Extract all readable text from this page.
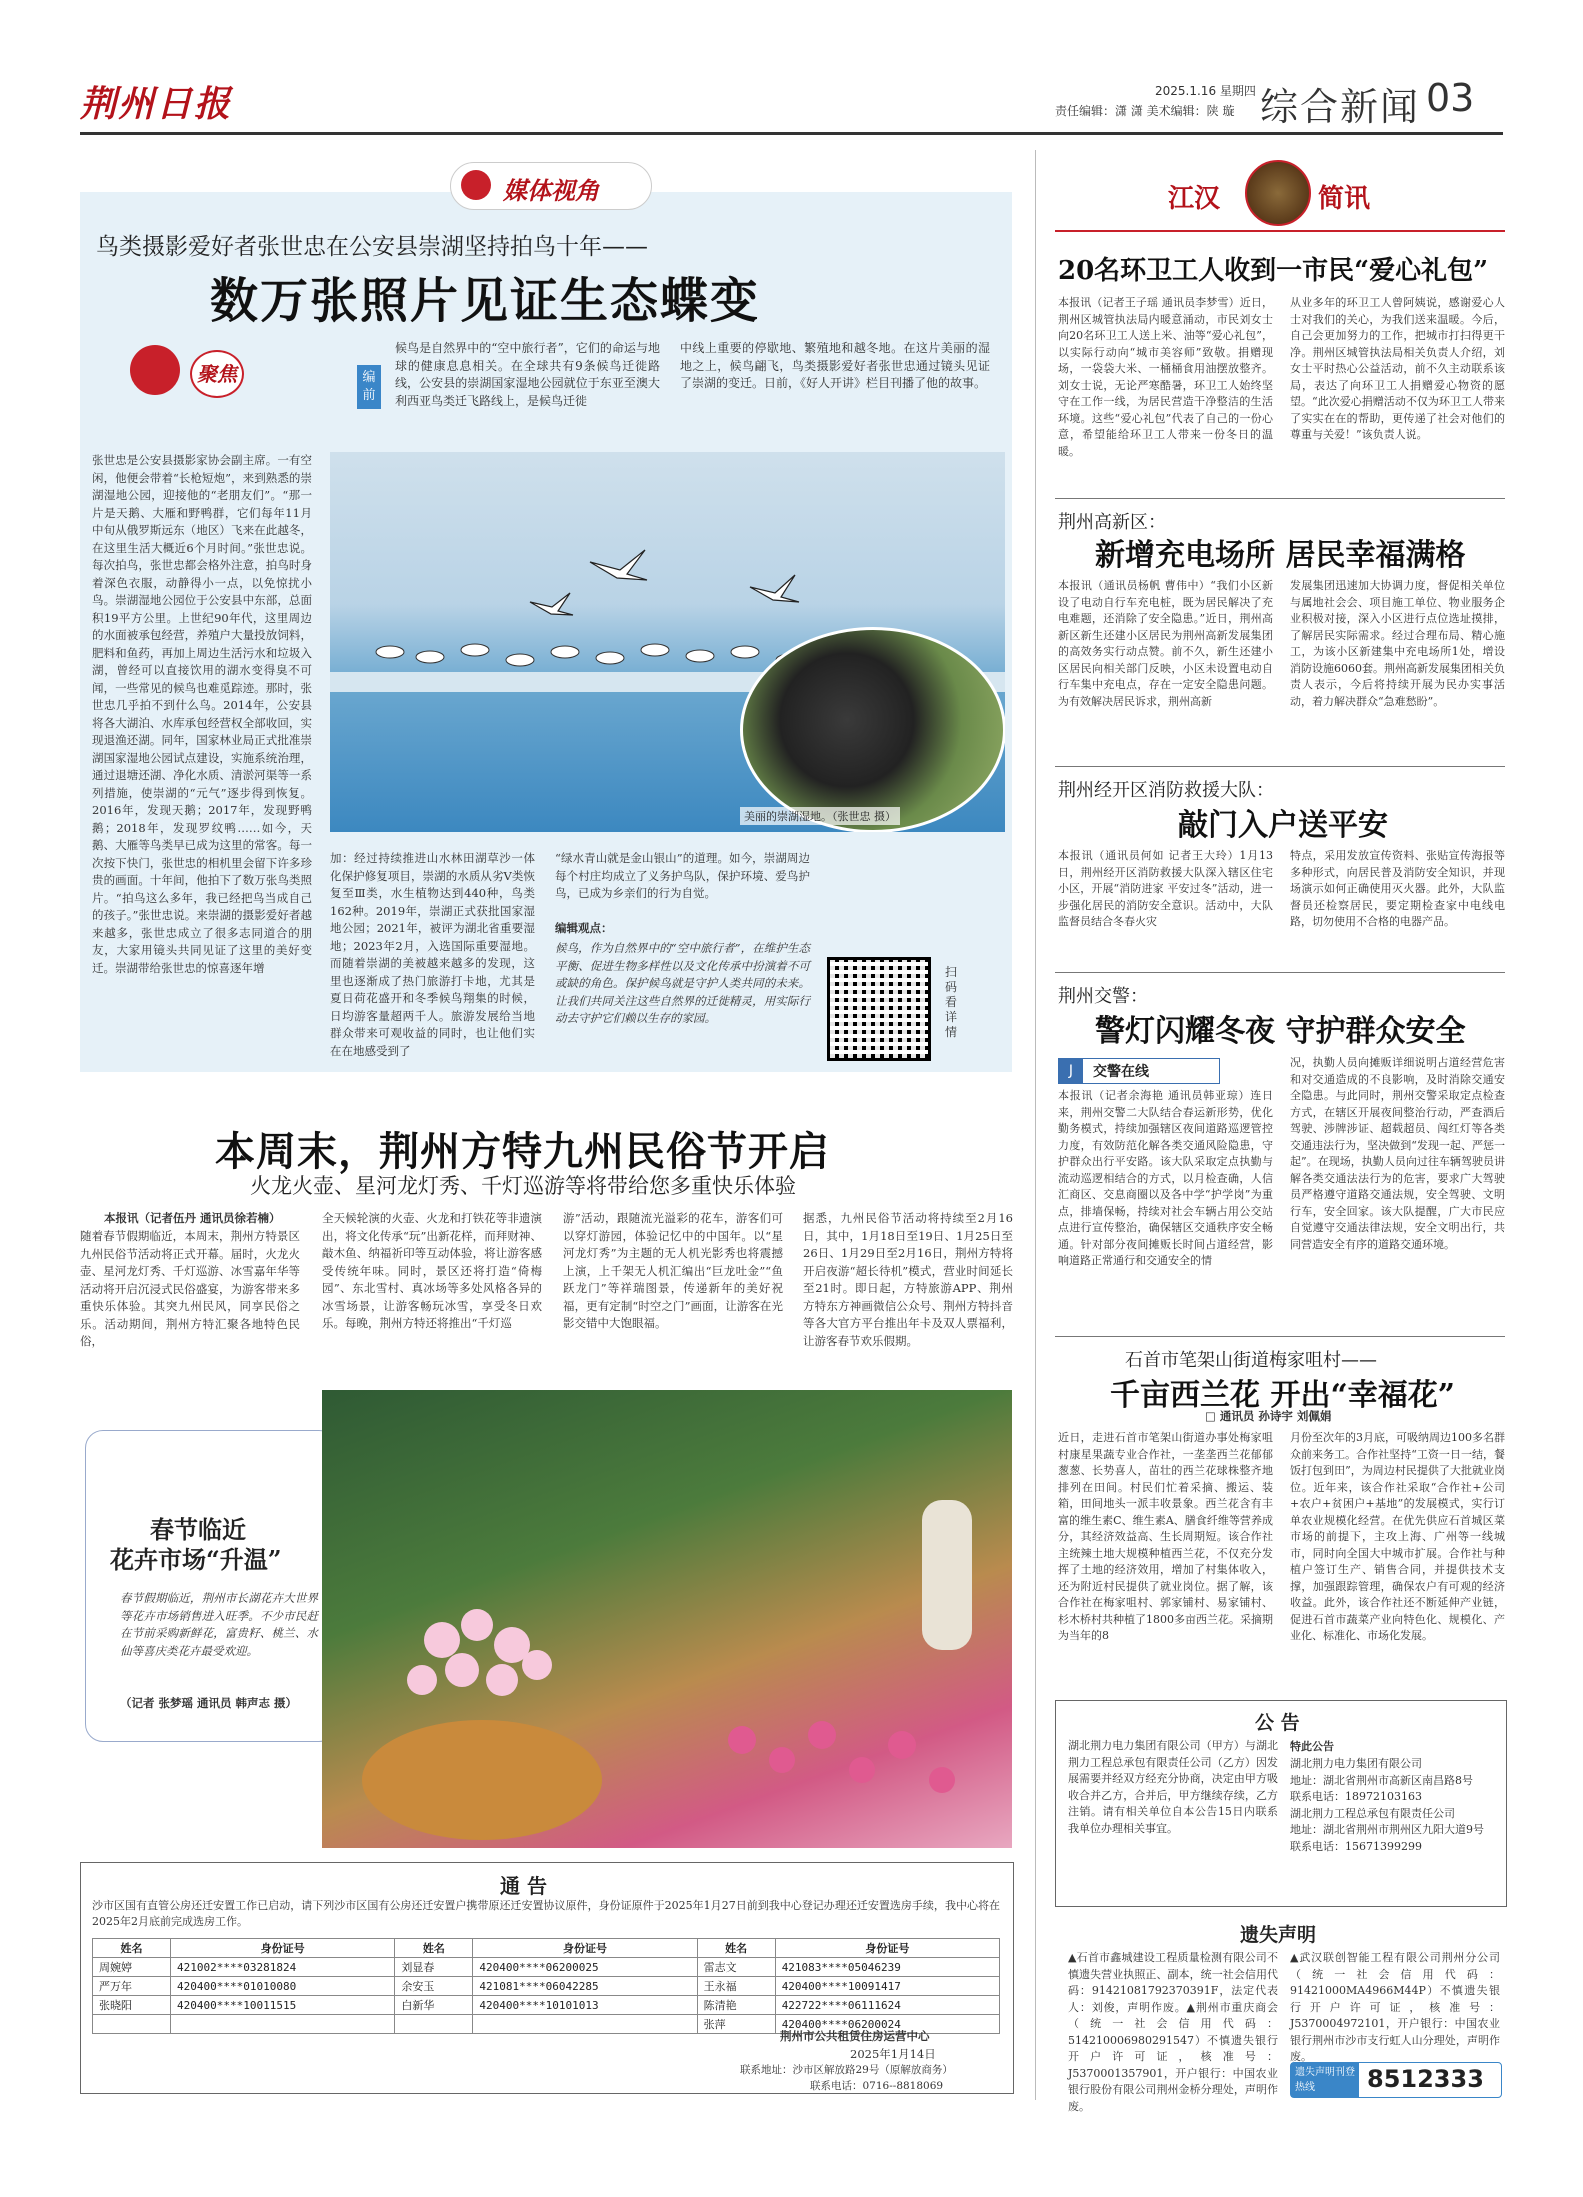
荆州日报	2025.1.16 星期四
责任编辑：潇 潇 美术编辑：陕 璇 综合新闻 03
媒体视角
鸟类摄影爱好者张世忠在公安县崇湖坚持拍鸟十年——
数万张照片见证生态蝶变
聚焦	编前
候鸟是自然界中的“空中旅行者”，它们的命运与地球的健康息息相关。在全球共有9条候鸟迁徙路线，公安县的崇湖国家湿地公园就位于东亚至澳大利西亚鸟类迁飞路线上，是候鸟迁徙
中线上重要的停歇地、繁殖地和越冬地。在这片美丽的湿地之上，候鸟翩飞，鸟类摄影爱好者张世忠通过镜头见证了崇湖的变迁。日前，《好人开讲》栏目刊播了他的故事。
美丽的崇湖湿地。（张世忠 摄）
张世忠是公安县摄影家协会副主席。一有空闲，他便会带着“长枪短炮”，来到熟悉的崇湖湿地公园，迎接他的“老朋友们”。“那一片是天鹅、大雁和野鸭群，它们每年11月中旬从俄罗斯远东（地区）飞来在此越冬，在这里生活大概近6个月时间。”张世忠说。每次拍鸟，张世忠都会格外注意，拍鸟时身着深色衣服，动静得小一点，以免惊扰小鸟。崇湖湿地公园位于公安县中东部，总面积19平方公里。上世纪90年代，这里周边的水面被承包经营，养殖户大量投放饲料，肥料和鱼药，再加上周边生活污水和垃圾入湖，曾经可以直接饮用的湖水变得臭不可闻，一些常见的候鸟也难觅踪迹。那时，张世忠几乎拍不到什么鸟。2014年，公安县将各大湖泊、水库承包经营权全部收回，实现退渔还湖。同年，国家林业局正式批准崇湖国家湿地公园试点建设，实施系统治理，通过退塘还湖、净化水质、清淤河渠等一系列措施，使崇湖的“元气”逐步得到恢复。2016年，发现天鹅；2017年，发现野鸭鹅；2018年，发现罗纹鸭……如今，天鹅、大雁等鸟类早已成为这里的常客。每一次按下快门，张世忠的相机里会留下许多珍贵的画面。十年间，他拍下了数万张鸟类照片。“拍鸟这么多年，我已经把鸟当成自己的孩子。”张世忠说。来崇湖的摄影爱好者越来越多，张世忠成立了很多志同道合的朋友，大家用镜头共同见证了这里的美好变迁。崇湖带给张世忠的惊喜逐年增
加：经过持续推进山水林田湖草沙一体化保护修复项目，崇湖的水质从劣V类恢复至Ⅲ类，水生植物达到440种，鸟类162种。2019年，崇湖正式获批国家湿地公园；2021年，被评为湖北省重要湿地；2023年2月，入选国际重要湿地。而随着崇湖的美被越来越多的发现，这里也逐渐成了热门旅游打卡地，尤其是夏日荷花盛开和冬季候鸟翔集的时候，日均游客量超两千人。旅游发展给当地群众带来可观收益的同时，也让他们实在在地感受到了
“绿水青山就是金山银山”的道理。如今，崇湖周边每个村庄均成立了义务护鸟队，保护环境、爱鸟护鸟，已成为乡亲们的行为自觉。
编辑观点：
候鸟，作为自然界中的“空中旅行者”，在维护生态平衡、促进生物多样性以及文化传承中扮演着不可或缺的角色。保护候鸟就是守护人类共同的未来。让我们共同关注这些自然界的迁徙精灵，用实际行动去守护它们赖以生存的家园。
扫码看详情
本周末，荆州方特九州民俗节开启
火龙火壶、星河龙灯秀、千灯巡游等将带给您多重快乐体验
本报讯（记者伍丹 通讯员徐若楠）
随着春节假期临近，本周末，荆州方特景区九州民俗节活动将正式开幕。届时，火龙火壶、星河龙灯秀、千灯巡游、冰雪嘉年华等活动将开启沉浸式民俗盛宴，为游客带来多重快乐体验。其突九州民风，同享民俗之乐。活动期间，荆州方特汇聚各地特色民俗，
全天候轮演的火壶、火龙和打铁花等非遗演出，将文化传承“玩”出新花样，而拜财神、敲木鱼、纳福祈印等互动体验，将让游客感受传统年味。同时，景区还将打造“倚梅园”、东北雪村、真冰场等多处风格各异的冰雪场景，让游客畅玩冰雪，享受冬日欢乐。每晚，荆州方特还将推出“千灯巡
游”活动，跟随流光溢彩的花车，游客们可以穿灯游园，体验记忆中的中国年。以“星河龙灯秀”为主题的无人机光影秀也将震撼上演，上千架无人机汇编出“巨龙吐金”“鱼跃龙门”等祥瑞图景，传递新年的美好祝福，更有定制“时空之门”画面，让游客在光影交错中大饱眼福。
据悉，九州民俗节活动将持续至2月16日，其中，1月18日至19日、1月25日至26日、1月29日至2月16日，荆州方特将开启夜游“超长待机”模式，营业时间延长至21时。即日起，方特旅游APP、荆州方特东方神画微信公众号、荆州方特抖音等各大官方平台推出年卡及双人票福利，让游客春节欢乐假期。
春节临近
花卉市场“升温”
春节假期临近，荆州市长湖花卉大世界等花卉市场销售进入旺季。不少市民赶在节前采购新鲜花，富贵籽、桃兰、水仙等喜庆类花卉最受欢迎。
（记者 张梦瑶 通讯员 韩声志 摄）
通 告
沙市区国有直管公房还迁安置工作已启动，请下列沙市区国有公房还迁安置户携带原还迁安置协议原件，身份证原件于2025年1月27日前到我中心登记办理还迁安置选房手续，我中心将在2025年2月底前完成选房工作。
姓名	身份证号	姓名	身份证号	姓名	身份证号
周婉婷	421002****03281824	刘显春	420400****06200025	雷志文	421083****05046239
严万年	420400****01010080	余安玉	421081****06042285	王永福	420400****10091417
张晓阳	420400****10011515	白新华	420400****10101013	陈清艳	422722****06111624
				张萍	420400****06200024
荆州市公共租赁住房运营中心
2025年1月14日
联系地址：沙市区解放路29号（原解放商务）
联系电话：0716--8818069
江汉	简讯
20名环卫工人收到一市民“爱心礼包”
本报讯（记者王子瑶 通讯员李梦雪）近日，荆州区城管执法局内暖意涌动，市民刘女士向20名环卫工人送上米、油等“爱心礼包”，以实际行动向“城市美容师”致敬。捐赠现场，一袋袋大米、一桶桶食用油摆放整齐。刘女士说，无论严寒酷暑，环卫工人始终坚守在工作一线，为居民营造干净整洁的生活环境。这些“爱心礼包”代表了自己的一份心意，希望能给环卫工人带来一份冬日的温暖。
从业多年的环卫工人曾阿姨说，感谢爱心人士对我们的关心，为我们送来温暖。今后，自己会更加努力的工作，把城市打扫得更干净。荆州区城管执法局相关负责人介绍，刘女士平时热心公益活动，前不久主动联系该局，表达了向环卫工人捐赠爱心物资的愿望。“此次爱心捐赠活动不仅为环卫工人带来了实实在在的帮助，更传递了社会对他们的尊重与关爱！”该负责人说。
荆州高新区：
新增充电场所 居民幸福满格
本报讯（通讯员杨帆 曹伟中）“我们小区新设了电动自行车充电桩，既为居民解决了充电难题，还消除了安全隐患。”近日，荆州高新区新生还建小区居民为荆州高新发展集团的高效务实行动点赞。前不久，新生还建小区居民向相关部门反映，小区未设置电动自行车集中充电点，存在一定安全隐患问题。为有效解决居民诉求，荆州高新
发展集团迅速加大协调力度，督促相关单位与属地社会会、项目施工单位、物业服务企业积极对接，深入小区进行点位选址摸排，了解居民实际需求。经过合理布局、精心施工，为该小区新建集中充电场所1处，增设消防设施6060套。荆州高新发展集团相关负责人表示，今后将持续开展为民办实事活动，着力解决群众“急难愁盼”。
荆州经开区消防救援大队：
敲门入户送平安
本报讯（通讯员何如 记者王大玲）1月13日，荆州经开区消防救援大队深入辖区住宅小区，开展“消防进家 平安过冬”活动，进一步强化居民的消防安全意识。活动中，大队监督员结合冬春火灾
特点，采用发放宣传资料、张贴宣传海报等多种形式，向居民普及消防安全知识，并现场演示如何正确使用灭火器。此外，大队监督员还检察居民，要定期检查家中电线电路，切勿使用不合格的电器产品。
荆州交警：
警灯闪耀冬夜 守护群众安全
J	交警在线
本报讯（记者余海艳 通讯员韩亚琼）连日来，荆州交警二大队结合春运新形势，优化勤务模式，持续加强辖区夜间道路巡逻管控力度，有效防范化解各类交通风险隐患，守护群众出行平安路。该大队采取定点执勤与流动巡逻相结合的方式，以月检查确，人信汇商区、交息商圈以及各中学“护学岗”为重点，排墙保畅，持续对社会车辆占用公交站点进行宣传整治，确保辖区交通秩序安全畅通。针对部分夜间摊贩长时间占道经营，影响道路正常通行和交通安全的情
况，执勤人员向摊贩详细说明占道经营危害和对交通造成的不良影响，及时消除交通安全隐患。与此同时，荆州交警采取定点检查方式，在辖区开展夜间整治行动，严查酒后驾驶、涉牌涉证、超载超员、闯红灯等各类交通违法行为，坚决做到“发现一起、严惩一起”。在现场，执勤人员向过往车辆驾驶员讲解各类交通法法行为的危害，要求广大驾驶员严格遵守道路交通法规，安全驾驶、文明行车，安全回家。该大队提醒，广大市民应自觉遵守交通法律法规，安全文明出行，共同营造安全有序的道路交通环境。
石首市笔架山街道梅家咀村——
千亩西兰花 开出“幸福花”
□ 通讯员 孙诗宇 刘佩娟
近日，走进石首市笔架山街道办事处梅家咀村康星果蔬专业合作社，一垄垄西兰花郁郁葱葱、长势喜人，苗壮的西兰花球株整齐地排列在田间。村民们忙着采摘、搬运、装箱，田间地头一派丰收景象。西兰花含有丰富的维生素C、维生素A、膳食纤维等营养成分，其经济效益高、生长周期短。该合作社主统辣土地大规模种植西兰花，不仅充分发挥了土地的经济效用，增加了村集体收入，还为附近村民提供了就业岗位。据了解，该合作社在梅家咀村、郭家铺村、易家铺村、杉木桥村共种植了1800多亩西兰花。采摘期为当年的8
月份至次年的3月底，可吸纳周边100多名群众前来务工。合作社坚持“工资一日一结，餐饭打包到田”，为周边村民提供了大批就业岗位。近年来，该合作社采取“合作社+公司+农户+贫困户+基地”的发展模式，实行订单农业规模化经营。在优先供应石首城区菜市场的前提下，主攻上海、广州等一线城市，同时向全国大中城市扩展。合作社与种植户签订生产、销售合同，并提供技术支撑，加强跟踪管理，确保农户有可观的经济收益。此外，该合作社还不断延伸产业链，促进石首市蔬菜产业向特色化、规模化、产业化、标准化、市场化发展。
公 告
湖北荆力电力集团有限公司（甲方）与湖北荆力工程总承包有限责任公司（乙方）因发展需要并经双方经充分协商，决定由甲方吸收合并乙方，合并后，甲方继续存续，乙方注销。请有相关单位自本公告15日内联系我单位办理相关事宜。
特此公告
湖北荆力电力集团有限公司
地址：湖北省荆州市高新区南昌路8号
联系电话：18972103163
湖北荆力工程总承包有限责任公司
地址：湖北省荆州市荆州区九阳大道9号
联系电话：15671399299
遗失声明
▲石首市鑫城建设工程质量检测有限公司不慎遗失营业执照正、副本，统一社会信用代码：91421081792370391F，法定代表人：刘俊，声明作废。▲荆州市重庆商会（统一社会信用代码：51421000698029154​7）不慎遗失银行开户许可证，核准号：J5370001357901，开户银行：中国农业银行股份有限公司荆州金桥分理处，声明作废。
▲武汉联创智能工程有限公司荆州分公司（统一社会信用代码：91421000MA4966M44P）不慎遗失银行开户许可证，核准号：J5370004972101，开户银行：中国农业银行荆州市沙市支行虹人山分理处，声明作废。
遗失声明刊登热线	8512333
